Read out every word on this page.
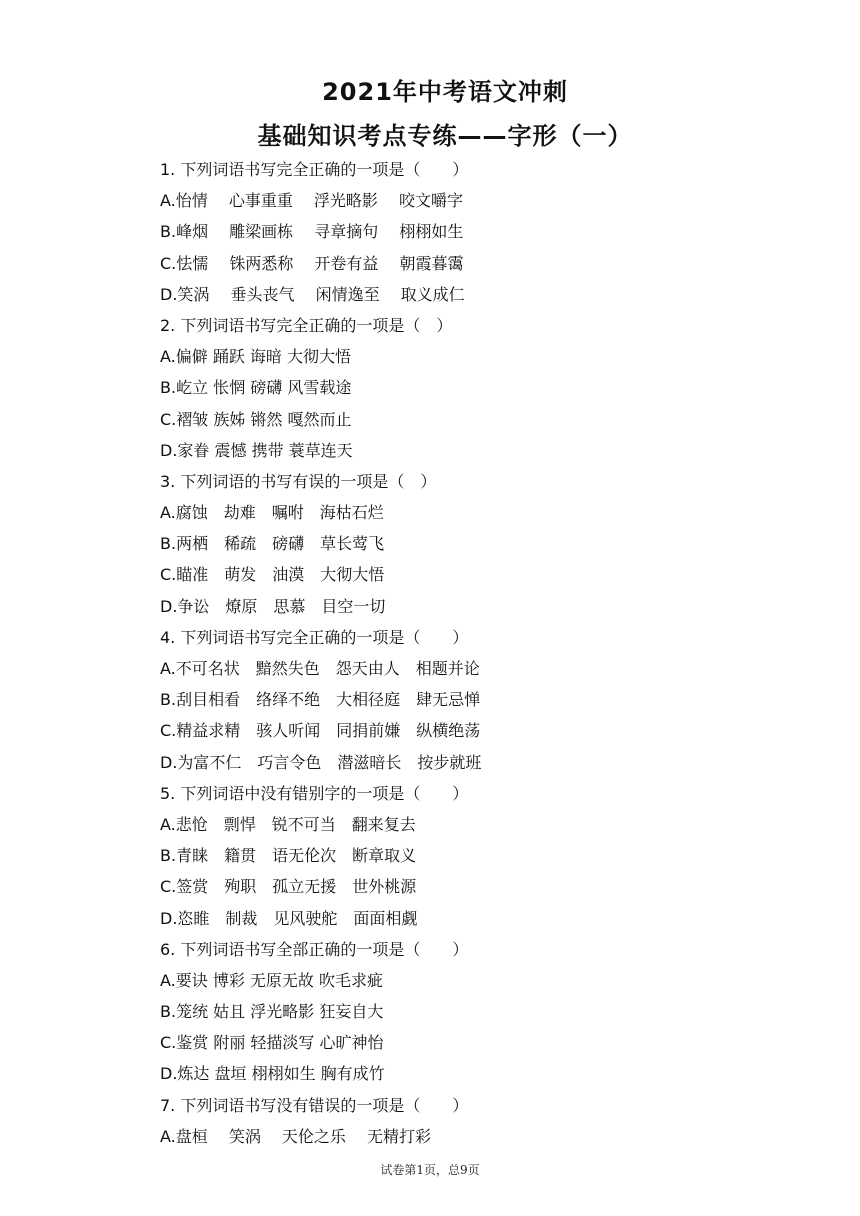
2021年中考语文冲刺
基础知识考点专练——字形（一）
1. 下列词语书写完全正确的一项是（　　）
A.怡情　 心事重重　 浮光略影　 咬文嚼字
B.峰烟　 雕梁画栋　 寻章摘句　 栩栩如生
C.怯懦　 铢两悉称　 开卷有益　 朝霞暮霭
D.笑涡　 垂头丧气　 闲情逸至　 取义成仁
2. 下列词语书写完全正确的一项是（　）
A.偏僻 踊跃 诲暗 大彻大悟
B.屹立 怅惘 磅礴 风雪载途
C.褶皱 族姊 锵然 嘎然而止
D.家眷 震憾 携带 蓑草连天
3. 下列词语的书写有误的一项是（　）
A.腐蚀　劫难　嘱咐　海枯石烂
B.两栖　稀疏　磅礴　草长莺飞
C.瞄准　萌发　油漠　大彻大悟
D.争讼　燎原　思慕　目空一切
4. 下列词语书写完全正确的一项是（　　）
A.不可名状　黯然失色　怨天由人　相题并论
B.刮目相看　络绎不绝　大相径庭　肆无忌惮
C.精益求精　骇人听闻　同捐前嫌　纵横绝荡
D.为富不仁　巧言令色　潜滋暗长　按步就班
5. 下列词语中没有错别字的一项是（　　）
A.悲怆　剽悍　锐不可当　翻来复去
B.青睐　籍贯　语无伦次　断章取义
C.签赏　殉职　孤立无援　世外桃源
D.恣睢　制裁　见风驶舵　面面相觑
6. 下列词语书写全部正确的一项是（　　）
A.要诀 博彩 无原无故 吹毛求疵
B.笼统 姑且 浮光略影 狂妄自大
C.鉴赏 附丽 轻描淡写 心旷神怡
D.炼达 盘垣 栩栩如生 胸有成竹
7. 下列词语书写没有错误的一项是（　　）
A.盘桓　 笑涡　 天伦之乐　 无精打彩
试卷第1页，总9页
